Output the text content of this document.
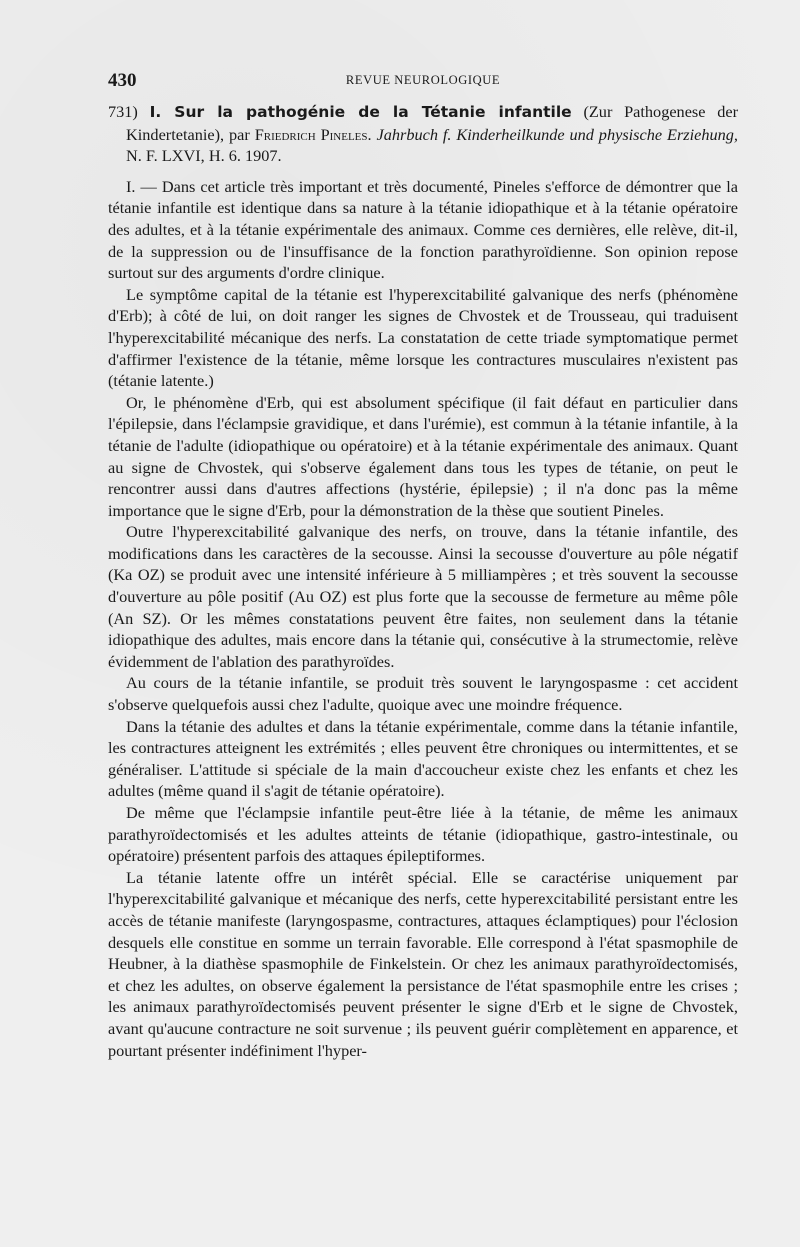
430	REVUE NEUROLOGIQUE

731) I. Sur la pathogénie de la Tétanie infantile (Zur Pathogenese der Kindertetanie), par Friedrich Pineles. Jahrbuch f. Kinderheilkunde und physische Erziehung, N. F. LXVI, H. 6. 1907.

I. — Dans cet article très important et très documenté, Pineles s'efforce de démontrer que la tétanie infantile est identique dans sa nature à la tétanie idiopathique et à la tétanie opératoire des adultes, et à la tétanie expérimentale des animaux. Comme ces dernières, elle relève, dit-il, de la suppression ou de l'insuffisance de la fonction parathyroïdienne. Son opinion repose surtout sur des arguments d'ordre clinique.

Le symptôme capital de la tétanie est l'hyperexcitabilité galvanique des nerfs (phénomène d'Erb); à côté de lui, on doit ranger les signes de Chvostek et de Trousseau, qui traduisent l'hyperexcitabilité mécanique des nerfs. La constatation de cette triade symptomatique permet d'affirmer l'existence de la tétanie, même lorsque les contractures musculaires n'existent pas (tétanie latente.)

Or, le phénomène d'Erb, qui est absolument spécifique (il fait défaut en particulier dans l'épilepsie, dans l'éclampsie gravidique, et dans l'urémie), est commun à la tétanie infantile, à la tétanie de l'adulte (idiopathique ou opératoire) et à la tétanie expérimentale des animaux. Quant au signe de Chvostek, qui s'observe également dans tous les types de tétanie, on peut le rencontrer aussi dans d'autres affections (hystérie, épilepsie) ; il n'a donc pas la même importance que le signe d'Erb, pour la démonstration de la thèse que soutient Pineles.

Outre l'hyperexcitabilité galvanique des nerfs, on trouve, dans la tétanie infantile, des modifications dans les caractères de la secousse. Ainsi la secousse d'ouverture au pôle négatif (Ka OZ) se produit avec une intensité inférieure à 5 milliampères ; et très souvent la secousse d'ouverture au pôle positif (Au OZ) est plus forte que la secousse de fermeture au même pôle (An SZ). Or les mêmes constatations peuvent être faites, non seulement dans la tétanie idiopathique des adultes, mais encore dans la tétanie qui, consécutive à la strumectomie, relève évidemment de l'ablation des parathyroïdes.

Au cours de la tétanie infantile, se produit très souvent le laryngospasme : cet accident s'observe quelquefois aussi chez l'adulte, quoique avec une moindre fréquence.

Dans la tétanie des adultes et dans la tétanie expérimentale, comme dans la tétanie infantile, les contractures atteignent les extrémités ; elles peuvent être chroniques ou intermittentes, et se généraliser. L'attitude si spéciale de la main d'accoucheur existe chez les enfants et chez les adultes (même quand il s'agit de tétanie opératoire).

De même que l'éclampsie infantile peut-être liée à la tétanie, de même les animaux parathyroïdectomisés et les adultes atteints de tétanie (idiopathique, gastro-intestinale, ou opératoire) présentent parfois des attaques épileptiformes.

La tétanie latente offre un intérêt spécial. Elle se caractérise uniquement par l'hyperexcitabilité galvanique et mécanique des nerfs, cette hyperexcitabilité persistant entre les accès de tétanie manifeste (laryngospasme, contractures, attaques éclamptiques) pour l'éclosion desquels elle constitue en somme un terrain favorable. Elle correspond à l'état spasmophile de Heubner, à la diathèse spasmophile de Finkelstein. Or chez les animaux parathyroïdectomisés, et chez les adultes, on observe également la persistance de l'état spasmophile entre les crises ; les animaux parathyroïdectomisés peuvent présenter le signe d'Erb et le signe de Chvostek, avant qu'aucune contracture ne soit survenue ; ils peuvent guérir complètement en apparence, et pourtant présenter indéfiniment l'hyper-
